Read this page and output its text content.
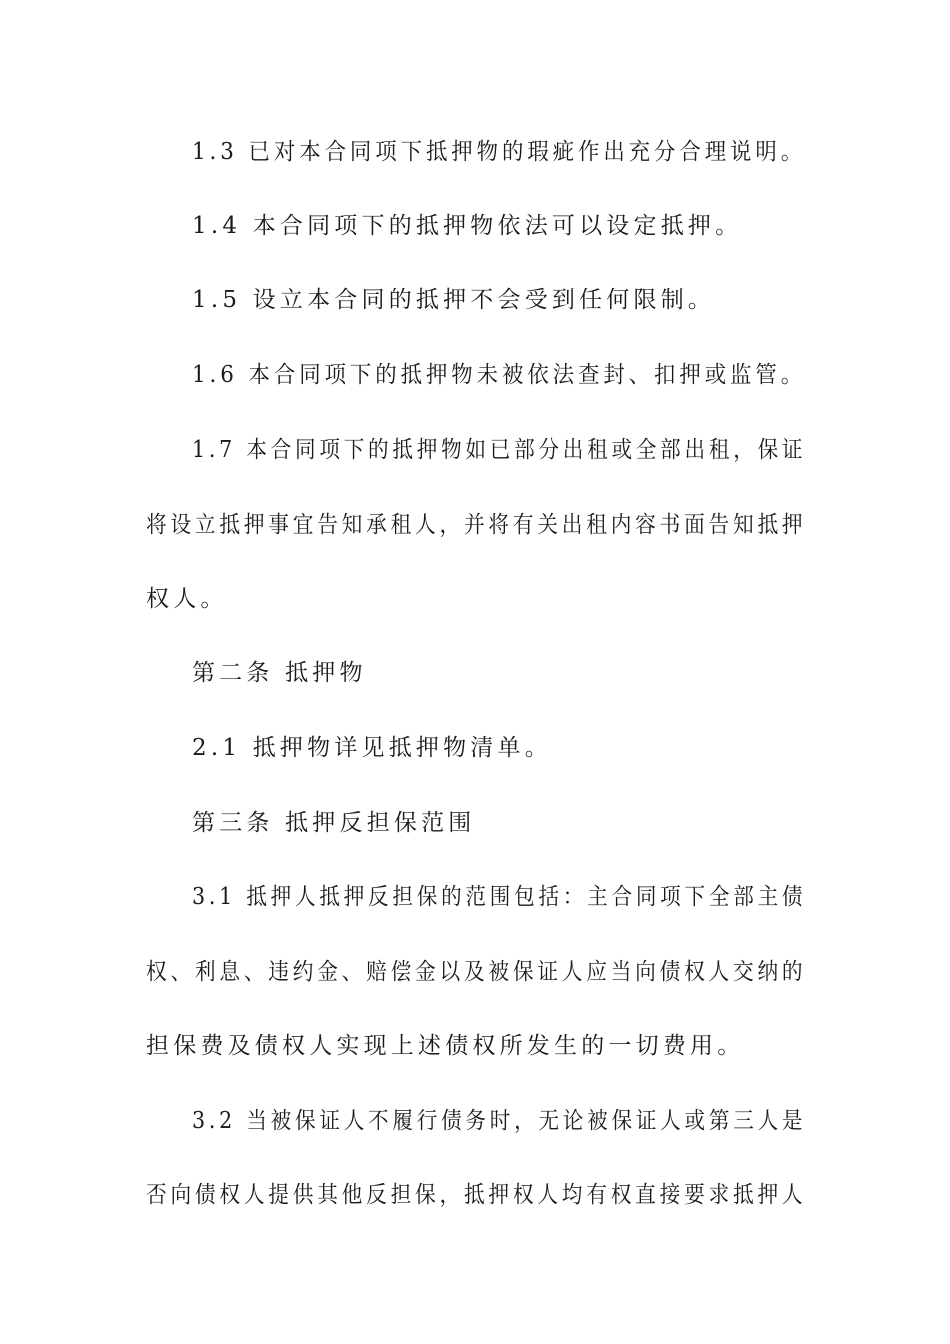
1.3 已对本合同项下抵押物的瑕疵作出充分合理说明。
1.4 本合同项下的抵押物依法可以设定抵押。
1.5 设立本合同的抵押不会受到任何限制。
1.6 本合同项下的抵押物未被依法查封、扣押或监管。
1.7 本合同项下的抵押物如已部分出租或全部出租，保证
将设立抵押事宜告知承租人，并将有关出租内容书面告知抵押
权人。
第二条 抵押物
2.1 抵押物详见抵押物清单。
第三条 抵押反担保范围
3.1 抵押人抵押反担保的范围包括：主合同项下全部主债
权、利息、违约金、赔偿金以及被保证人应当向债权人交纳的
担保费及债权人实现上述债权所发生的一切费用。
3.2 当被保证人不履行债务时，无论被保证人或第三人是
否向债权人提供其他反担保，抵押权人均有权直接要求抵押人
